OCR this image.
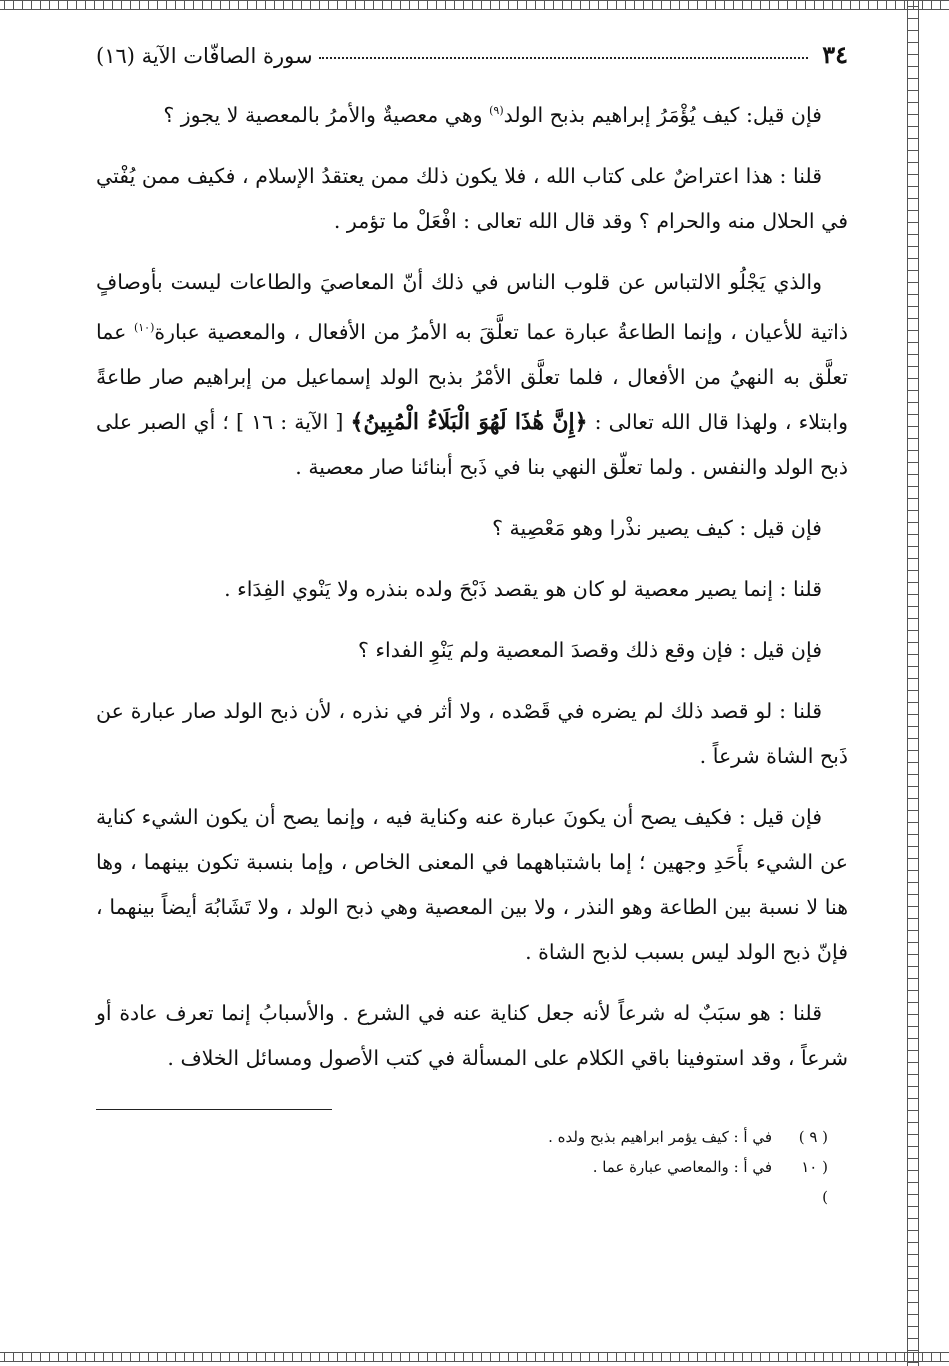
٣٤
سورة الصافّات الآية (١٦)

فإن قيل: كيف يُؤْمَرُ إبراهيم بذبح الولد$^{(٩)}$ وهي معصيةٌ والأمرُ بالمعصية لا يجوز ؟

قلنا : هذا اعتراضٌ على كتاب الله ، فلا يكون ذلك ممن يعتقدُ الإسلام ، فكيف ممن يُفْتي في الحلال منه والحرام ؟ وقد قال الله تعالى : افْعَلْ ما تؤمر .

والذي يَجْلُو الالتباس عن قلوب الناس في ذلك أنّ المعاصيَ والطاعات ليست بأوصافٍ ذاتية للأعيان ، وإنما الطاعةُ عبارة عما تعلَّقَ به الأمرُ من الأفعال ، والمعصية عبارة$^{(١٠)}$ عما تعلَّق به النهيُ من الأفعال ، فلما تعلَّق الأمْرُ بذبح الولد إسماعيل من إبراهيم صار طاعةً وابتلاء ، ولهذا قال الله تعالى : ﴿إِنَّ هَٰذَا لَهُوَ الْبَلَاءُ الْمُبِينُ﴾ [ الآية : ١٦ ] ؛ أي الصبر على ذبح الولد والنفس . ولما تعلّق النهي بنا في ذَبح أبنائنا صار معصية .

فإن قيل : كيف يصير نذْرا وهو مَعْصِية ؟

قلنا : إنما يصير معصية لو كان هو يقصد ذَبْحَ ولده بنذره ولا يَنْوي الفِدَاء .

فإن قيل : فإن وقع ذلك وقصدَ المعصية ولم يَنْوِ الفداء ؟

قلنا : لو قصد ذلك لم يضره في قَصْده ، ولا أثر في نذره ، لأن ذبح الولد صار عبارة عن ذَبح الشاة شرعاً .

فإن قيل : فكيف يصح أن يكونَ عبارة عنه وكناية فيه ، وإنما يصح أن يكون الشيء كناية عن الشيء بأَحَدِ وجهين ؛ إما باشتباههما في المعنى الخاص ، وإما بنسبة تكون بينهما ، وها هنا لا نسبة بين الطاعة وهو النذر ، ولا بين المعصية وهي ذبح الولد ، ولا تَشَابُهَ أيضاً بينهما ، فإنّ ذبح الولد ليس بسبب لذبح الشاة .

قلنا : هو سبَبٌ له شرعاً لأنه جعل كناية عنه في الشرع . والأسبابُ إنما تعرف عادة أو شرعاً ، وقد استوفينا باقي الكلام على المسألة في كتب الأصول ومسائل الخلاف .

( ٩ )
في أ : كيف يؤمر ابراهيم بذبح ولده .
( ١٠ )
في أ : والمعاصي عبارة عما .
